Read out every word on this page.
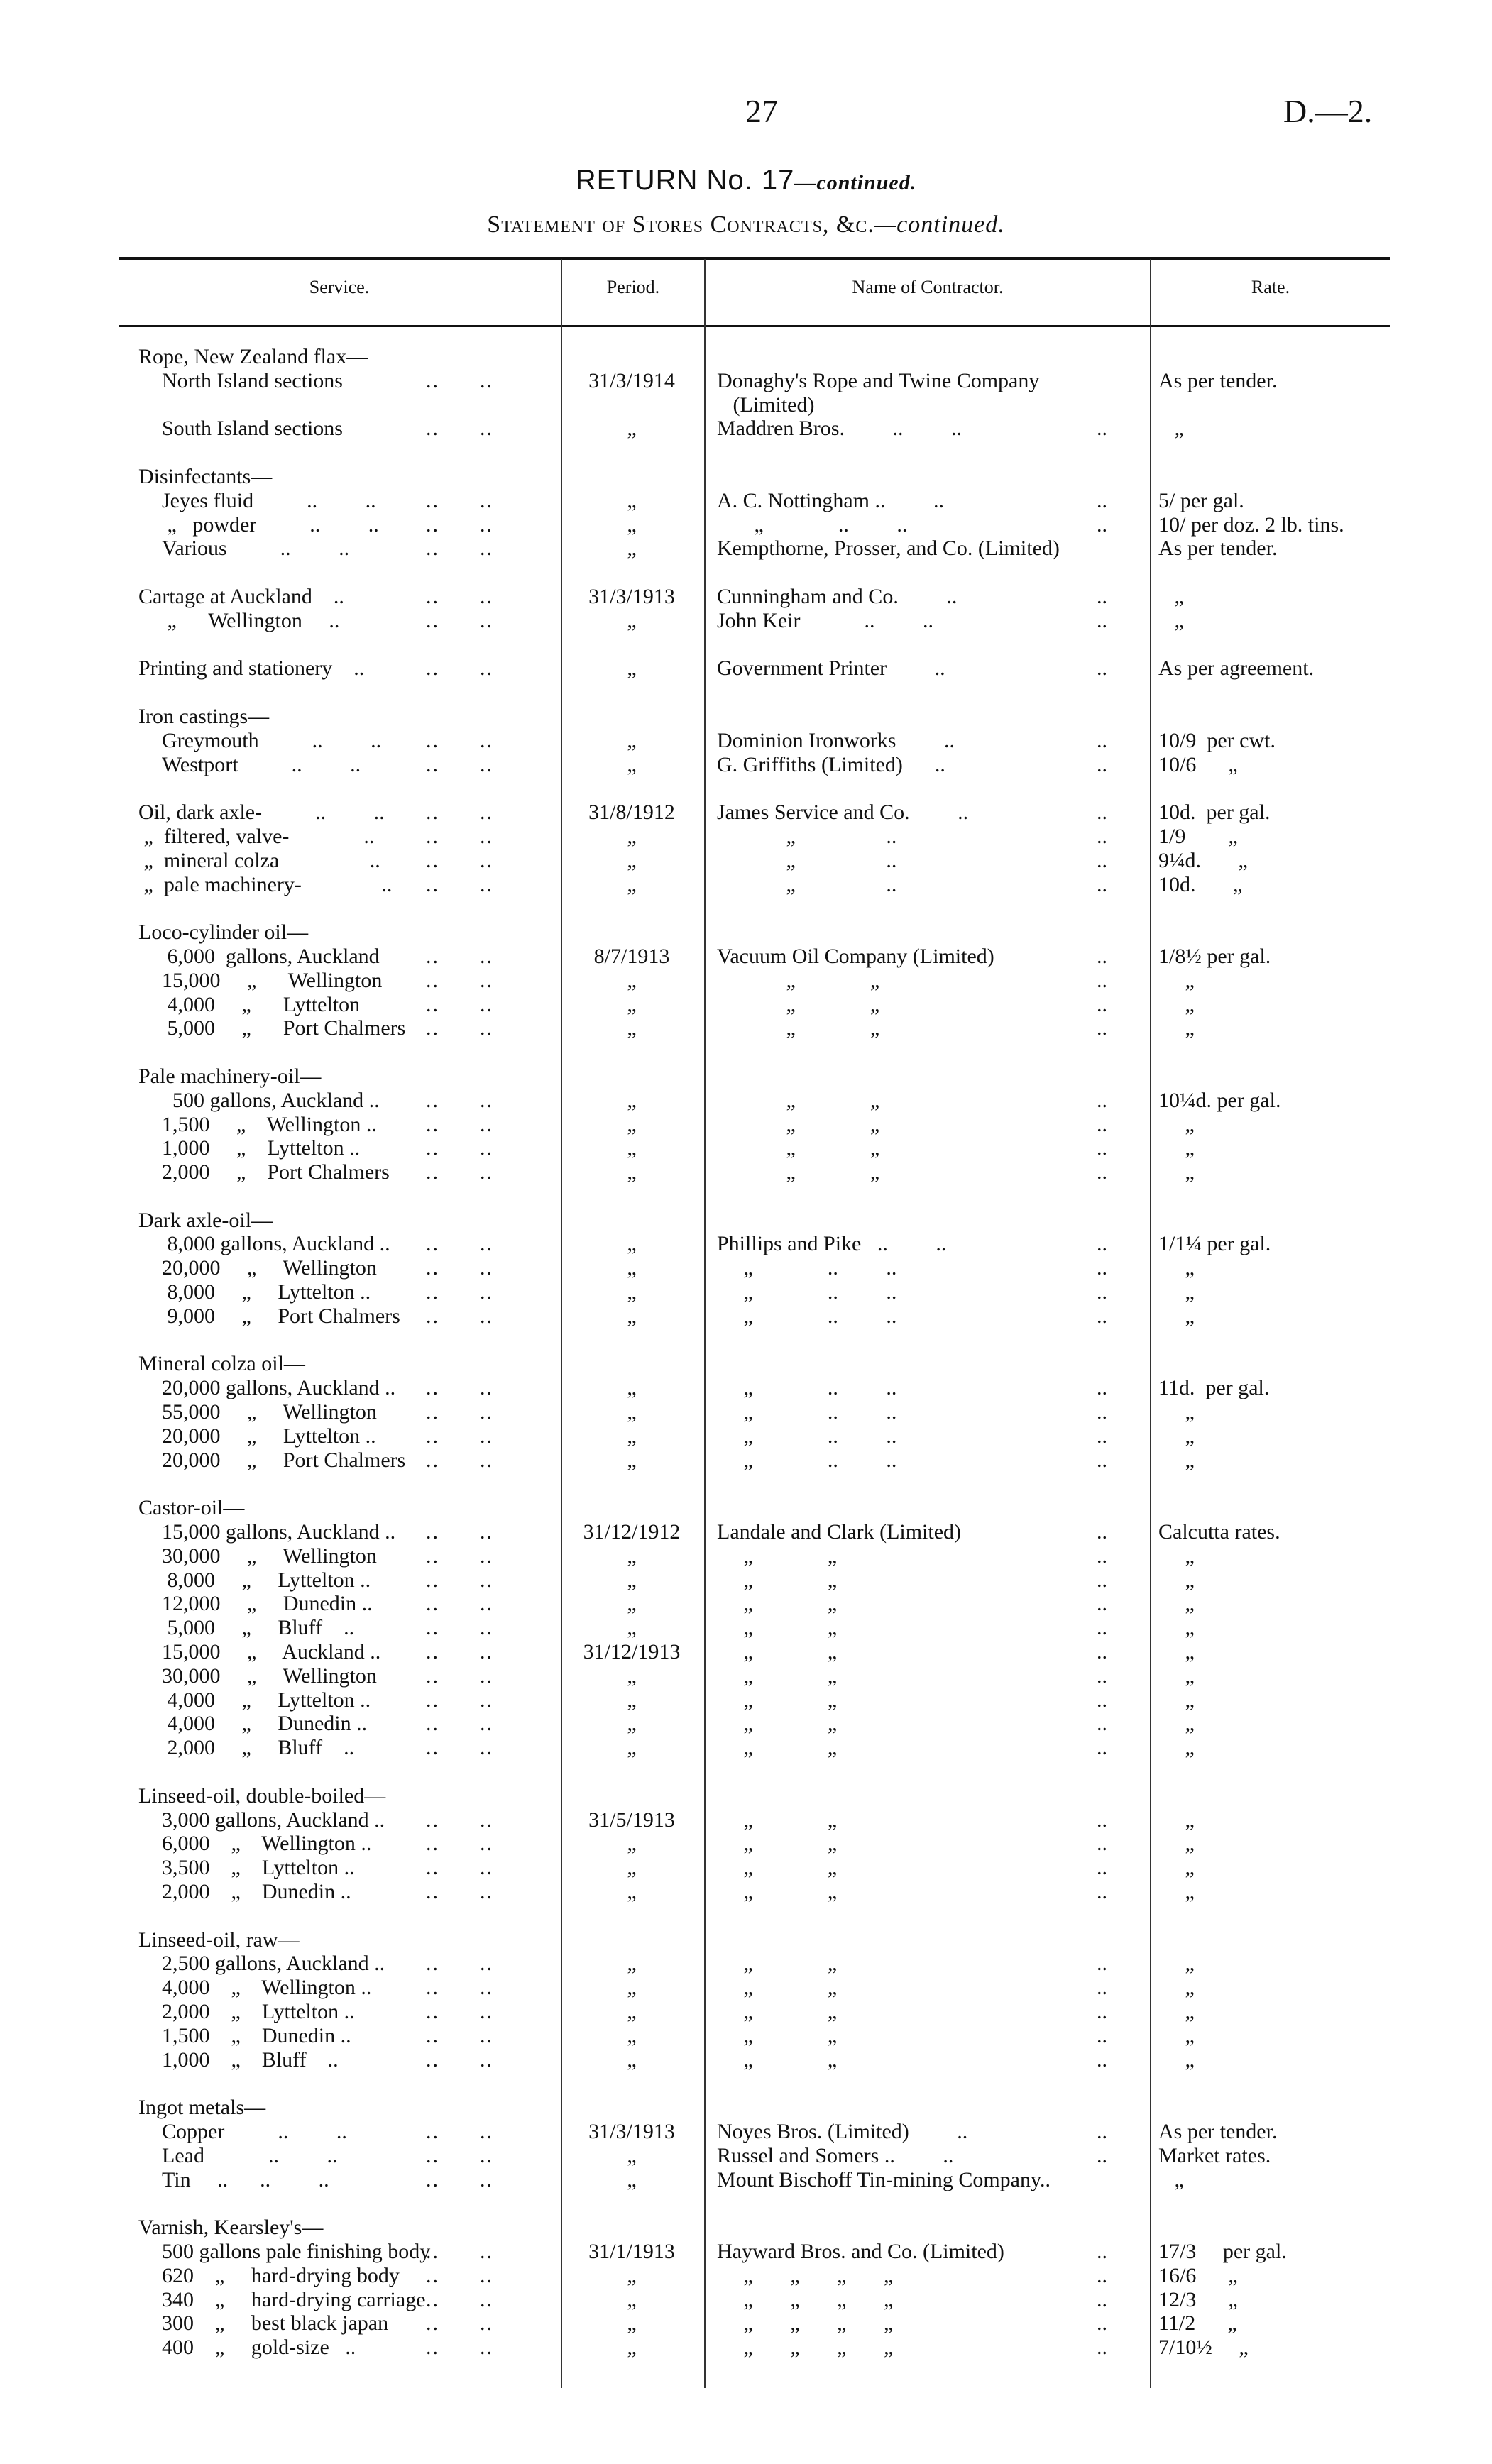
27	D.—2.
RETURN No. 17—continued.
Statement of Stores Contracts, &c.—continued.
Service.	Period.	Name of Contractor.	Rate.
Rope, New Zealand flax—
North Island sections ..	31/3/1914	Donaghy's Rope and Twine Company	As per tender.
(Limited)
South Island sections ..	„	Maddren Bros.         ..         .. ..	„
Disinfectants—
Jeyes fluid          ..         .. ..	„	A. C. Nottingham ..         .. ..	5/ per gal.
„   powder          ..         .. ..	„	„              ..         .. ..	10/ per doz. 2 lb. tins.
Various          ..         .. ..	„	Kempthorne, Prosser, and Co. (Limited)	As per tender.
Cartage at Auckland    .. ..	31/3/1913	Cunningham and Co.         .. ..	„
„      Wellington     .. ..	„	John Keir            ..         .. ..	„
Printing and stationery    .. ..	„	Government Printer         .. ..	As per agreement.
Iron castings—
Greymouth          ..         .. ..	„	Dominion Ironworks         .. ..	10/9  per cwt.
Westport          ..         .. ..	„	G. Griffiths (Limited)      .. ..	10/6      „
Oil, dark axle-          ..         .. ..	31/8/1912	James Service and Co.         .. ..	10d.  per gal.
„  filtered, valve-              .. ..	„	„                 .. ..	1/9        „
„  mineral colza                 .. ..	„	„                 .. ..	9¼d.       „
„  pale machinery-               .. ..	„	„                 .. ..	10d.       „
Loco-cylinder oil—
6,000  gallons, Auckland ..	8/7/1913	Vacuum Oil Company (Limited) ..	1/8½ per gal.
15,000     „      Wellington ..	„	„              „ ..	„
4,000     „      Lyttelton ..	„	„              „ ..	„
5,000     „      Port Chalmers ..	„	„              „ ..	„
Pale machinery-oil—
500 gallons, Auckland .. ..	„	„              „ ..	10¼d. per gal.
1,500     „    Wellington .. ..	„	„              „ ..	„
1,000     „    Lyttelton .. ..	„	„              „ ..	„
2,000     „    Port Chalmers ..	„	„              „ ..	„
Dark axle-oil—
8,000 gallons, Auckland .. ..	„	Phillips and Pike   ..         .. ..	1/1¼ per gal.
20,000     „     Wellington ..	„	„              ..         .. ..	„
8,000     „     Lyttelton .. ..	„	„              ..         .. ..	„
9,000     „     Port Chalmers ..	„	„              ..         .. ..	„
Mineral colza oil—
20,000 gallons, Auckland .. ..	„	„              ..         .. ..	11d.  per gal.
55,000     „     Wellington ..	„	„              ..         .. ..	„
20,000     „     Lyttelton .. ..	„	„              ..         .. ..	„
20,000     „     Port Chalmers ..	„	„              ..         .. ..	„
Castor-oil—
15,000 gallons, Auckland .. ..	31/12/1912	Landale and Clark (Limited) ..	Calcutta rates.
30,000     „     Wellington ..	„	„              „ ..	„
8,000     „     Lyttelton .. ..	„	„              „ ..	„
12,000     „     Dunedin .. ..	„	„              „ ..	„
5,000     „     Bluff    .. ..	„	„              „ ..	„
15,000     „     Auckland .. ..	31/12/1913	„              „ ..	„
30,000     „     Wellington ..	„	„              „ ..	„
4,000     „     Lyttelton .. ..	„	„              „ ..	„
4,000     „     Dunedin .. ..	„	„              „ ..	„
2,000     „     Bluff    .. ..	„	„              „ ..	„
Linseed-oil, double-boiled—
3,000 gallons, Auckland .. ..	31/5/1913	„              „ ..	„
6,000    „    Wellington .. ..	„	„              „ ..	„
3,500    „    Lyttelton .. ..	„	„              „ ..	„
2,000    „    Dunedin .. ..	„	„              „ ..	„
Linseed-oil, raw—
2,500 gallons, Auckland .. ..	„	„              „ ..	„
4,000    „    Wellington .. ..	„	„              „ ..	„
2,000    „    Lyttelton .. ..	„	„              „ ..	„
1,500    „    Dunedin .. ..	„	„              „ ..	„
1,000    „    Bluff    .. ..	„	„              „ ..	„
Ingot metals—
Copper          ..         .. ..	31/3/1913	Noyes Bros. (Limited)         .. ..	As per tender.
Lead            ..         .. ..	„	Russel and Somers ..         .. ..	Market rates.
Tin     ..      ..         .. ..	„	Mount Bischoff Tin-mining Company..	„
Varnish, Kearsley's—
500 gallons pale finishing body ..	31/1/1913	Hayward Bros. and Co. (Limited) ..	17/3     per gal.
620    „     hard-drying body ..	„	„       „       „       „ ..	16/6      „
340    „     hard-drying carriage ..	„	„       „       „       „ ..	12/3      „
300    „     best black japan ..	„	„       „       „       „ ..	11/2      „
400    „     gold-size   .. ..	„	„       „       „       „ ..	7/10½     „
